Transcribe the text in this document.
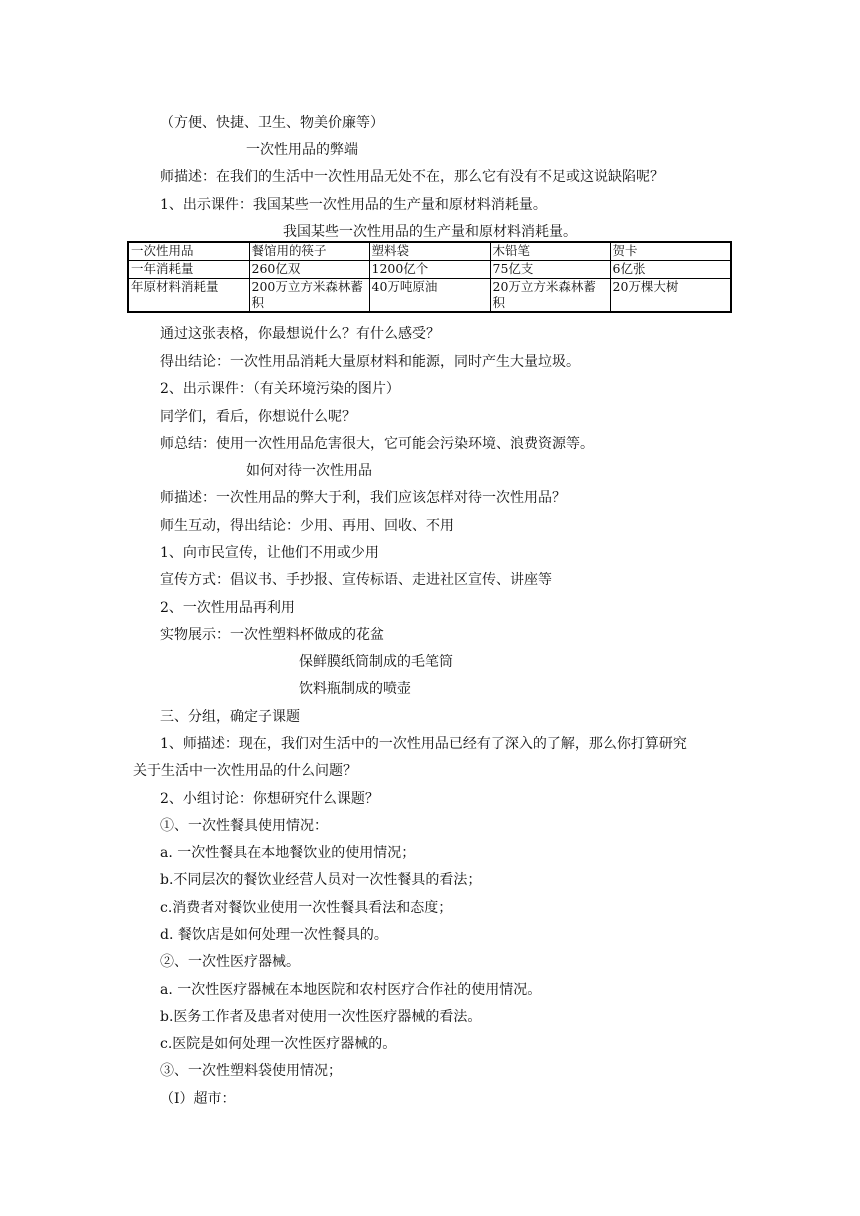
（方便、快捷、卫生、物美价廉等）
一次性用品的弊端
师描述：在我们的生活中一次性用品无处不在，那么它有没有不足或这说缺陷呢？
1、出示课件：我国某些一次性用品的生产量和原材料消耗量。
我国某些一次性用品的生产量和原材料消耗量。
一次性用品	餐馆用的筷子	塑料袋	木铅笔	贺卡
一年消耗量	260亿双	1200亿个	75亿支	6亿张
年原材料消耗量	200万立方米森林蓄积	40万吨原油	20万立方米森林蓄积	20万棵大树
通过这张表格，你最想说什么？有什么感受？
得出结论：一次性用品消耗大量原材料和能源，同时产生大量垃圾。
2、出示课件：（有关环境污染的图片）
同学们，看后，你想说什么呢？
师总结：使用一次性用品危害很大，它可能会污染环境、浪费资源等。
如何对待一次性用品
师描述：一次性用品的弊大于利，我们应该怎样对待一次性用品？
师生互动，得出结论：少用、再用、回收、不用
1、向市民宣传，让他们不用或少用
宣传方式：倡议书、手抄报、宣传标语、走进社区宣传、讲座等
2、一次性用品再利用
实物展示：一次性塑料杯做成的花盆
保鲜膜纸筒制成的毛笔筒
饮料瓶制成的喷壶
三、分组，确定子课题
1、师描述：现在，我们对生活中的一次性用品已经有了深入的了解，那么你打算研究
关于生活中一次性用品的什么问题？
2、小组讨论：你想研究什么课题？
①、一次性餐具使用情况：
a. 一次性餐具在本地餐饮业的使用情况；
b.不同层次的餐饮业经营人员对一次性餐具的看法；
c.消费者对餐饮业使用一次性餐具看法和态度；
d. 餐饮店是如何处理一次性餐具的。
②、一次性医疗器械。
a. 一次性医疗器械在本地医院和农村医疗合作社的使用情况。
b.医务工作者及患者对使用一次性医疗器械的看法。
c.医院是如何处理一次性医疗器械的。
③、一次性塑料袋使用情况；
（Ⅰ）超市：
